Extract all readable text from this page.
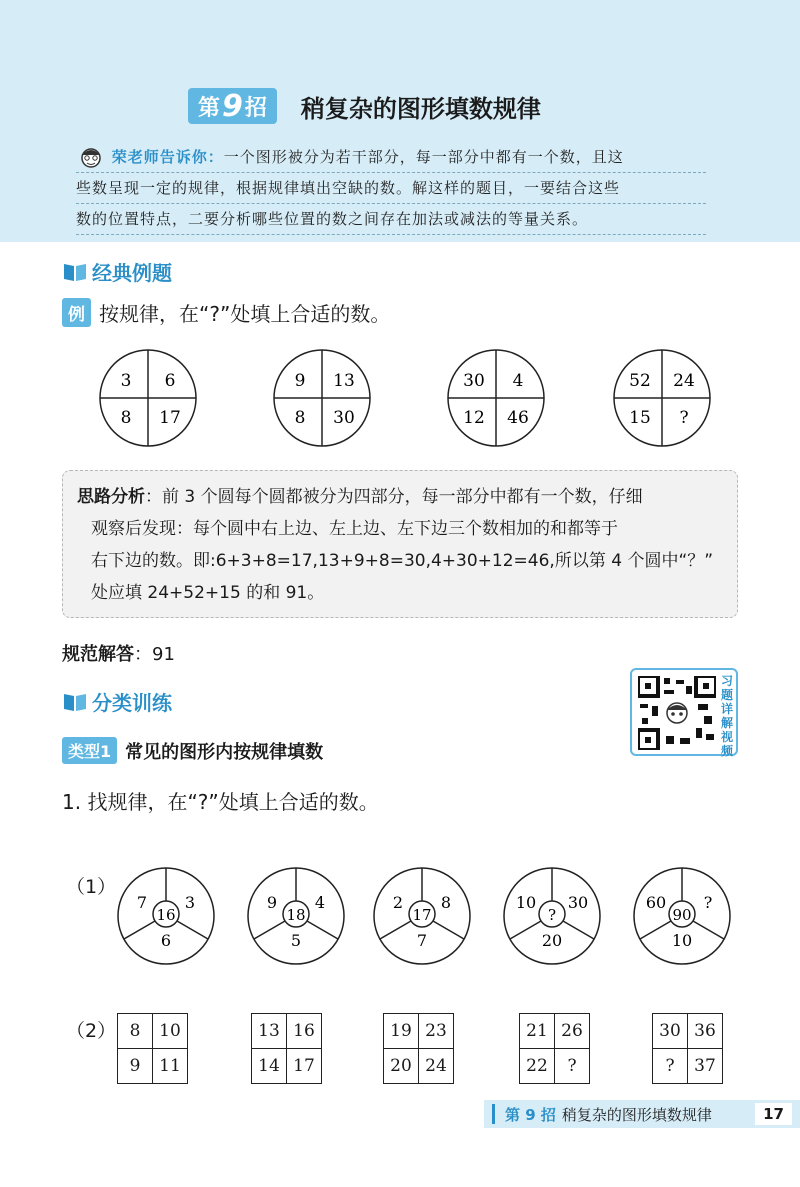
第 9 招 稍复杂的图形填数规律
荣老师告诉你：一个图形被分为若干部分，每一部分中都有一个数，且这
些数呈现一定的规律，根据规律填出空缺的数。解这样的题目，一要结合这些
数的位置特点，二要分析哪些位置的数之间存在加法或减法的等量关系。
经典例题
例 按规律，在“?”处填上合适的数。
3 6
8 17
9 13
8 30
30 4
12 46
52 24
15 ?
思路分析：前 3 个圆每个圆都被分为四部分，每一部分中都有一个数，仔细
观察后发现：每个圆中右上边、左上边、左下边三个数相加的和都等于
右下边的数。即:6+3+8=17,13+9+8=30,4+30+12=46,所以第 4 个圆中“？”
处应填 24+52+15 的和 91。
规范解答：91
分类训练
习
题
详
解
视
频
类型1 常见的图形内按规律填数
1. 找规律，在“?”处填上合适的数。
（1）
7 3
6
16
9 4
5
18
2 8
7
17
10 30
20
?
60 ?
10
90
（2） 8	10
9	11
13	16
14	17
19	23
20	24
21	26
22	?
30	36
?	37
第 9 招 稍复杂的图形填数规律	17
